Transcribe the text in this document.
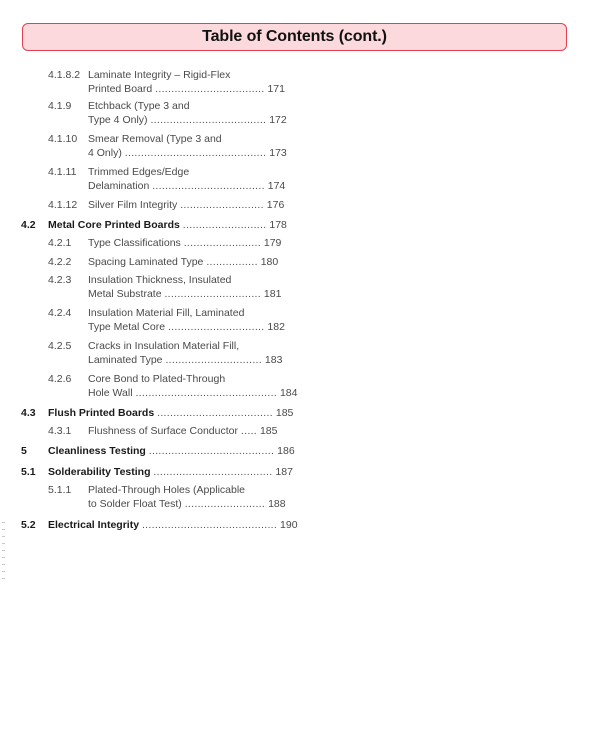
Table of Contents (cont.)
4.1.8.2 Laminate Integrity – Rigid-Flex
Printed Board .................................. 171
4.1.9 Etchback (Type 3 and
Type 4 Only) .................................... 172
4.1.10 Smear Removal (Type 3 and
4 Only) ............................................ 173
4.1.11 Trimmed Edges/Edge
Delamination ................................... 174
4.1.12 Silver Film Integrity .......................... 176
4.2 Metal Core Printed Boards .......................... 178
4.2.1 Type Classifications ........................ 179
4.2.2 Spacing Laminated Type ................ 180
4.2.3 Insulation Thickness, Insulated
Metal Substrate .............................. 181
4.2.4 Insulation Material Fill, Laminated
Type Metal Core .............................. 182
4.2.5 Cracks in Insulation Material Fill,
Laminated Type .............................. 183
4.2.6 Core Bond to Plated-Through
Hole Wall ............................................ 184
4.3 Flush Printed Boards .................................... 185
4.3.1 Flushness of Surface Conductor ..... 185
5 Cleanliness Testing ....................................... 186
5.1 Solderability Testing ..................................... 187
5.1.1 Plated-Through Holes (Applicable
to Solder Float Test) ......................... 188
5.2 Electrical Integrity .......................................... 190
